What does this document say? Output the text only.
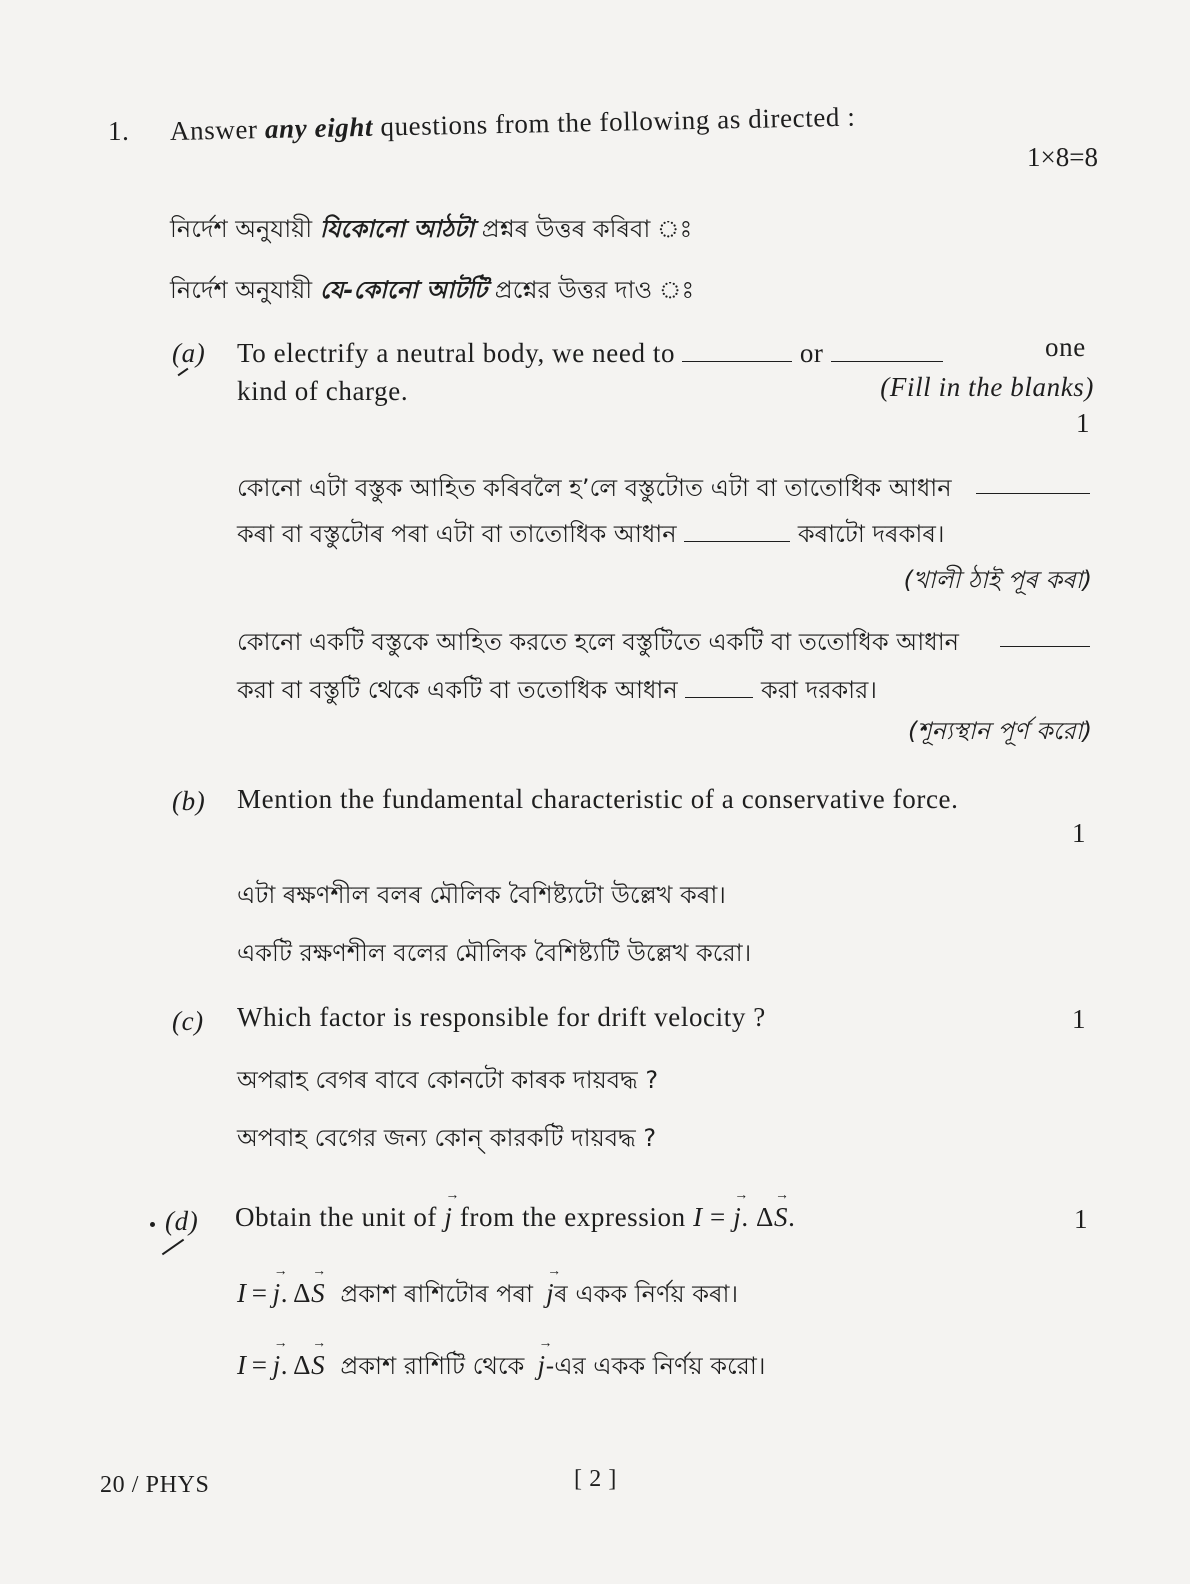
1. Answer any eight questions from the following as directed :
1×8=8
নির্দেশ অনুযায়ী যিকোনো আঠটা প্ৰশ্নৰ উত্তৰ কৰিবা ঃ
নির্দেশ অনুযায়ী যে-কোনো আটটি প্রশ্নের উত্তর দাও ঃ
(a) To electrify a neutral body, we need to	or	one
kind of charge.	(Fill in the blanks)
1
কোনো এটা বস্তুক আহিত কৰিবলৈ হ’লে বস্তুটোত এটা বা তাতোধিক আধান
কৰা বা বস্তুটোৰ পৰা এটা বা তাতোধিক আধান	কৰাটো দৰকাৰ।
(খালী ঠাই পূৰ কৰা)
কোনো একটি বস্তুকে আহিত করতে হলে বস্তুটিতে একটি বা ততোধিক আধান
করা বা বস্তুটি থেকে একটি বা ততোধিক আধান	করা দরকার।
(শূন্যস্থান পূর্ণ করো)
(b) Mention the fundamental characteristic of a conservative force.
1
এটা ৰক্ষণশীল বলৰ মৌলিক বৈশিষ্ট্যটো উল্লেখ কৰা।
একটি রক্ষণশীল বলের মৌলিক বৈশিষ্ট্যটি উল্লেখ করো।
(c) Which factor is responsible for drift velocity ?	1
অপৱাহ বেগৰ বাবে কোনটো কাৰক দায়বদ্ধ ?
অপবাহ বেগের জন্য কোন্ কারকটি দায়বদ্ধ ?
(d) Obtain the unit of → j from the expression I = → j. Δ→ S.	1
I = → j. Δ→ S প্ৰকাশ ৰাশিটোৰ পৰা → jৰ একক নিৰ্ণয় কৰা।
I = → j. Δ→ S প্রকাশ রাশিটি থেকে → j-এর একক নির্ণয় করো।
20 / PHYS	[ 2 ]
